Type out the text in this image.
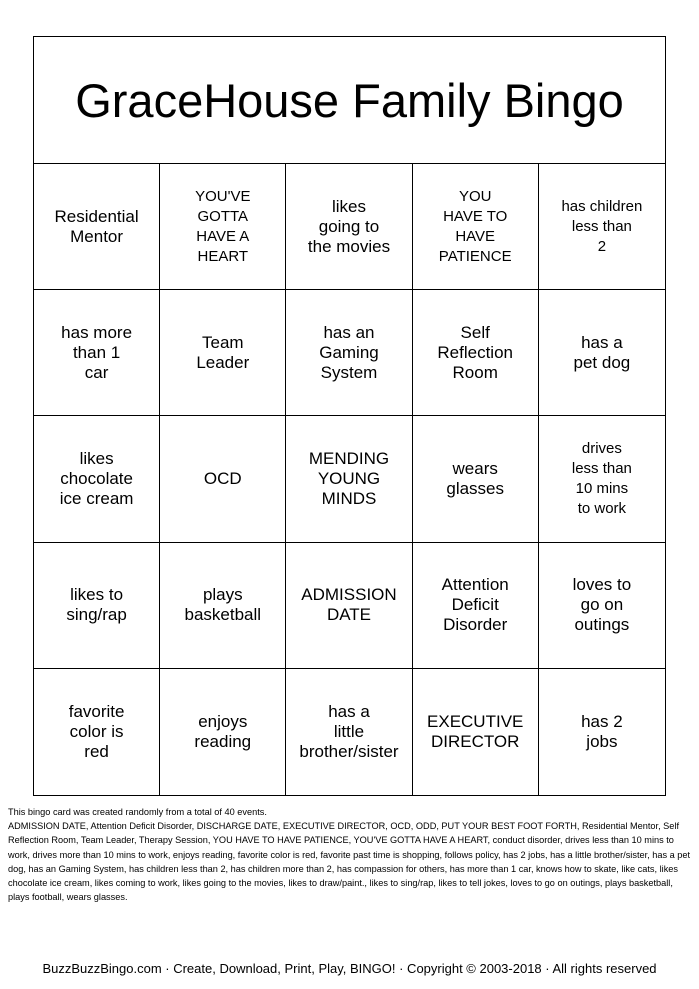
GraceHouse Family Bingo
Residential
Mentor
YOU'VE
GOTTA
HAVE A
HEART
likes
going to
the movies
YOU
HAVE TO
HAVE
PATIENCE
has children
less than
2
has more
than 1
car
Team
Leader
has an
Gaming
System
Self
Reflection
Room
has a
pet dog
likes
chocolate
ice cream
OCD
MENDING
YOUNG
MINDS
wears
glasses
drives
less than
10 mins
to work
likes to
sing/rap
plays
basketball
ADMISSION
DATE
Attention
Deficit
Disorder
loves to
go on
outings
favorite
color is
red
enjoys
reading
has a
little
brother/sister
EXECUTIVE
DIRECTOR
has 2
jobs
This bingo card was created randomly from a total of 40 events.
ADMISSION DATE, Attention Deficit Disorder, DISCHARGE DATE, EXECUTIVE DIRECTOR, OCD, ODD, PUT YOUR BEST FOOT FORTH, Residential Mentor, Self Reflection Room, Team Leader, Therapy Session, YOU HAVE TO HAVE PATIENCE, YOU'VE GOTTA HAVE A HEART, conduct disorder, drives less than 10 mins to work, drives more than 10 mins to work, enjoys reading, favorite color is red, favorite past time is shopping, follows policy, has 2 jobs, has a little brother/sister, has a pet dog, has an Gaming System, has children less than 2, has children more than 2, has compassion for others, has more than 1 car, knows how to skate, like cats, likes chocolate ice cream, likes coming to work, likes going to the movies, likes to draw/paint., likes to sing/rap, likes to tell jokes, loves to go on outings, plays basketball, plays football, wears glasses.
BuzzBuzzBingo.com · Create, Download, Print, Play, BINGO! · Copyright © 2003-2018 · All rights reserved
